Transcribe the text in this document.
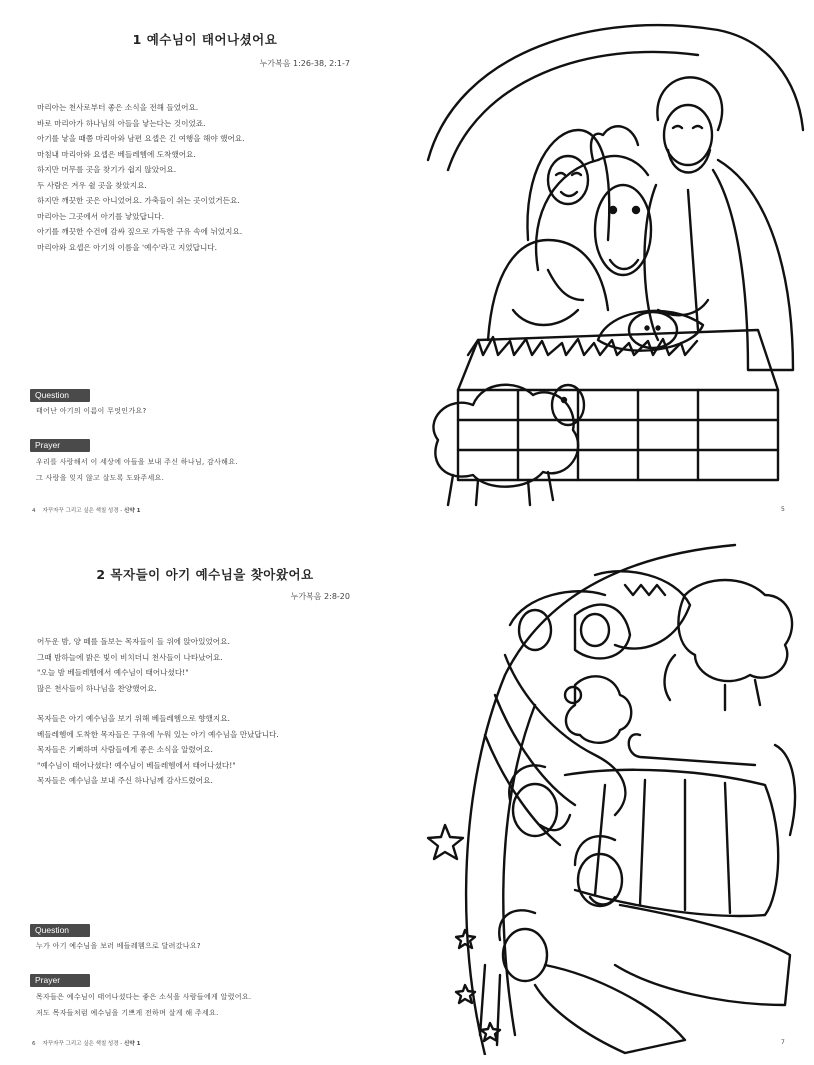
1 예수님이 태어나셨어요
누가복음 1:26-38, 2:1-7

마리아는 천사로부터 좋은 소식을 전해 들었어요.

바로 마리아가 하나님의 아들을 낳는다는 것이었죠.

아기를 낳을 때쯤 마리아와 남편 요셉은 긴 여행을 해야 했어요.

마침내 마리아와 요셉은 베들레헴에 도착했어요.

하지만 머무를 곳을 찾기가 쉽지 않았어요.

두 사람은 겨우 쉴 곳을 찾았지요.

하지만 깨끗한 곳은 아니었어요. 가축들이 쉬는 곳이었거든요.

마리아는 그곳에서 아기를 낳았답니다.

아기를 깨끗한 수건에 감싸 짚으로 가득한 구유 속에 뉘었지요.

마리아와 요셉은 아기의 이름을 '예수'라고 지었답니다.

Question
태어난 아기의 이름이 무엇인가요?
Prayer

우리를 사랑해서 이 세상에 아들을 보내 주신 하나님, 감사해요.

그 사랑을 잊지 않고 살도록 도와주세요.

4 자꾸자꾸 그리고 싶은 색칠 성경 - 신약 1	5
2 목자들이 아기 예수님을 찾아왔어요
누가복음 2:8-20

어두운 밤, 양 떼를 돌보는 목자들이 들 위에 앉아있었어요.

그때 밤하늘에 밝은 빛이 비치더니 천사들이 나타났어요.

"오늘 밤 베들레헴에서 예수님이 태어나셨다!"

많은 천사들이 하나님을 찬양했어요.

목자들은 아기 예수님을 보기 위해 베들레헴으로 향했지요.

베들레헴에 도착한 목자들은 구유에 누워 있는 아기 예수님을 만났답니다.

목자들은 기뻐하며 사람들에게 좋은 소식을 알렸어요.

"예수님이 태어나셨다! 예수님이 베들레헴에서 태어나셨다!"

목자들은 예수님을 보내 주신 하나님께 감사드렸어요.

Question
누가 아기 예수님을 보러 베들레헴으로 달려갔나요?
Prayer

목자들은 예수님이 태어나셨다는 좋은 소식을 사람들에게 알렸어요.

저도 목자들처럼 예수님을 기쁘게 전하며 살게 해 주세요.

6 자꾸자꾸 그리고 싶은 색칠 성경 - 신약 1	7
